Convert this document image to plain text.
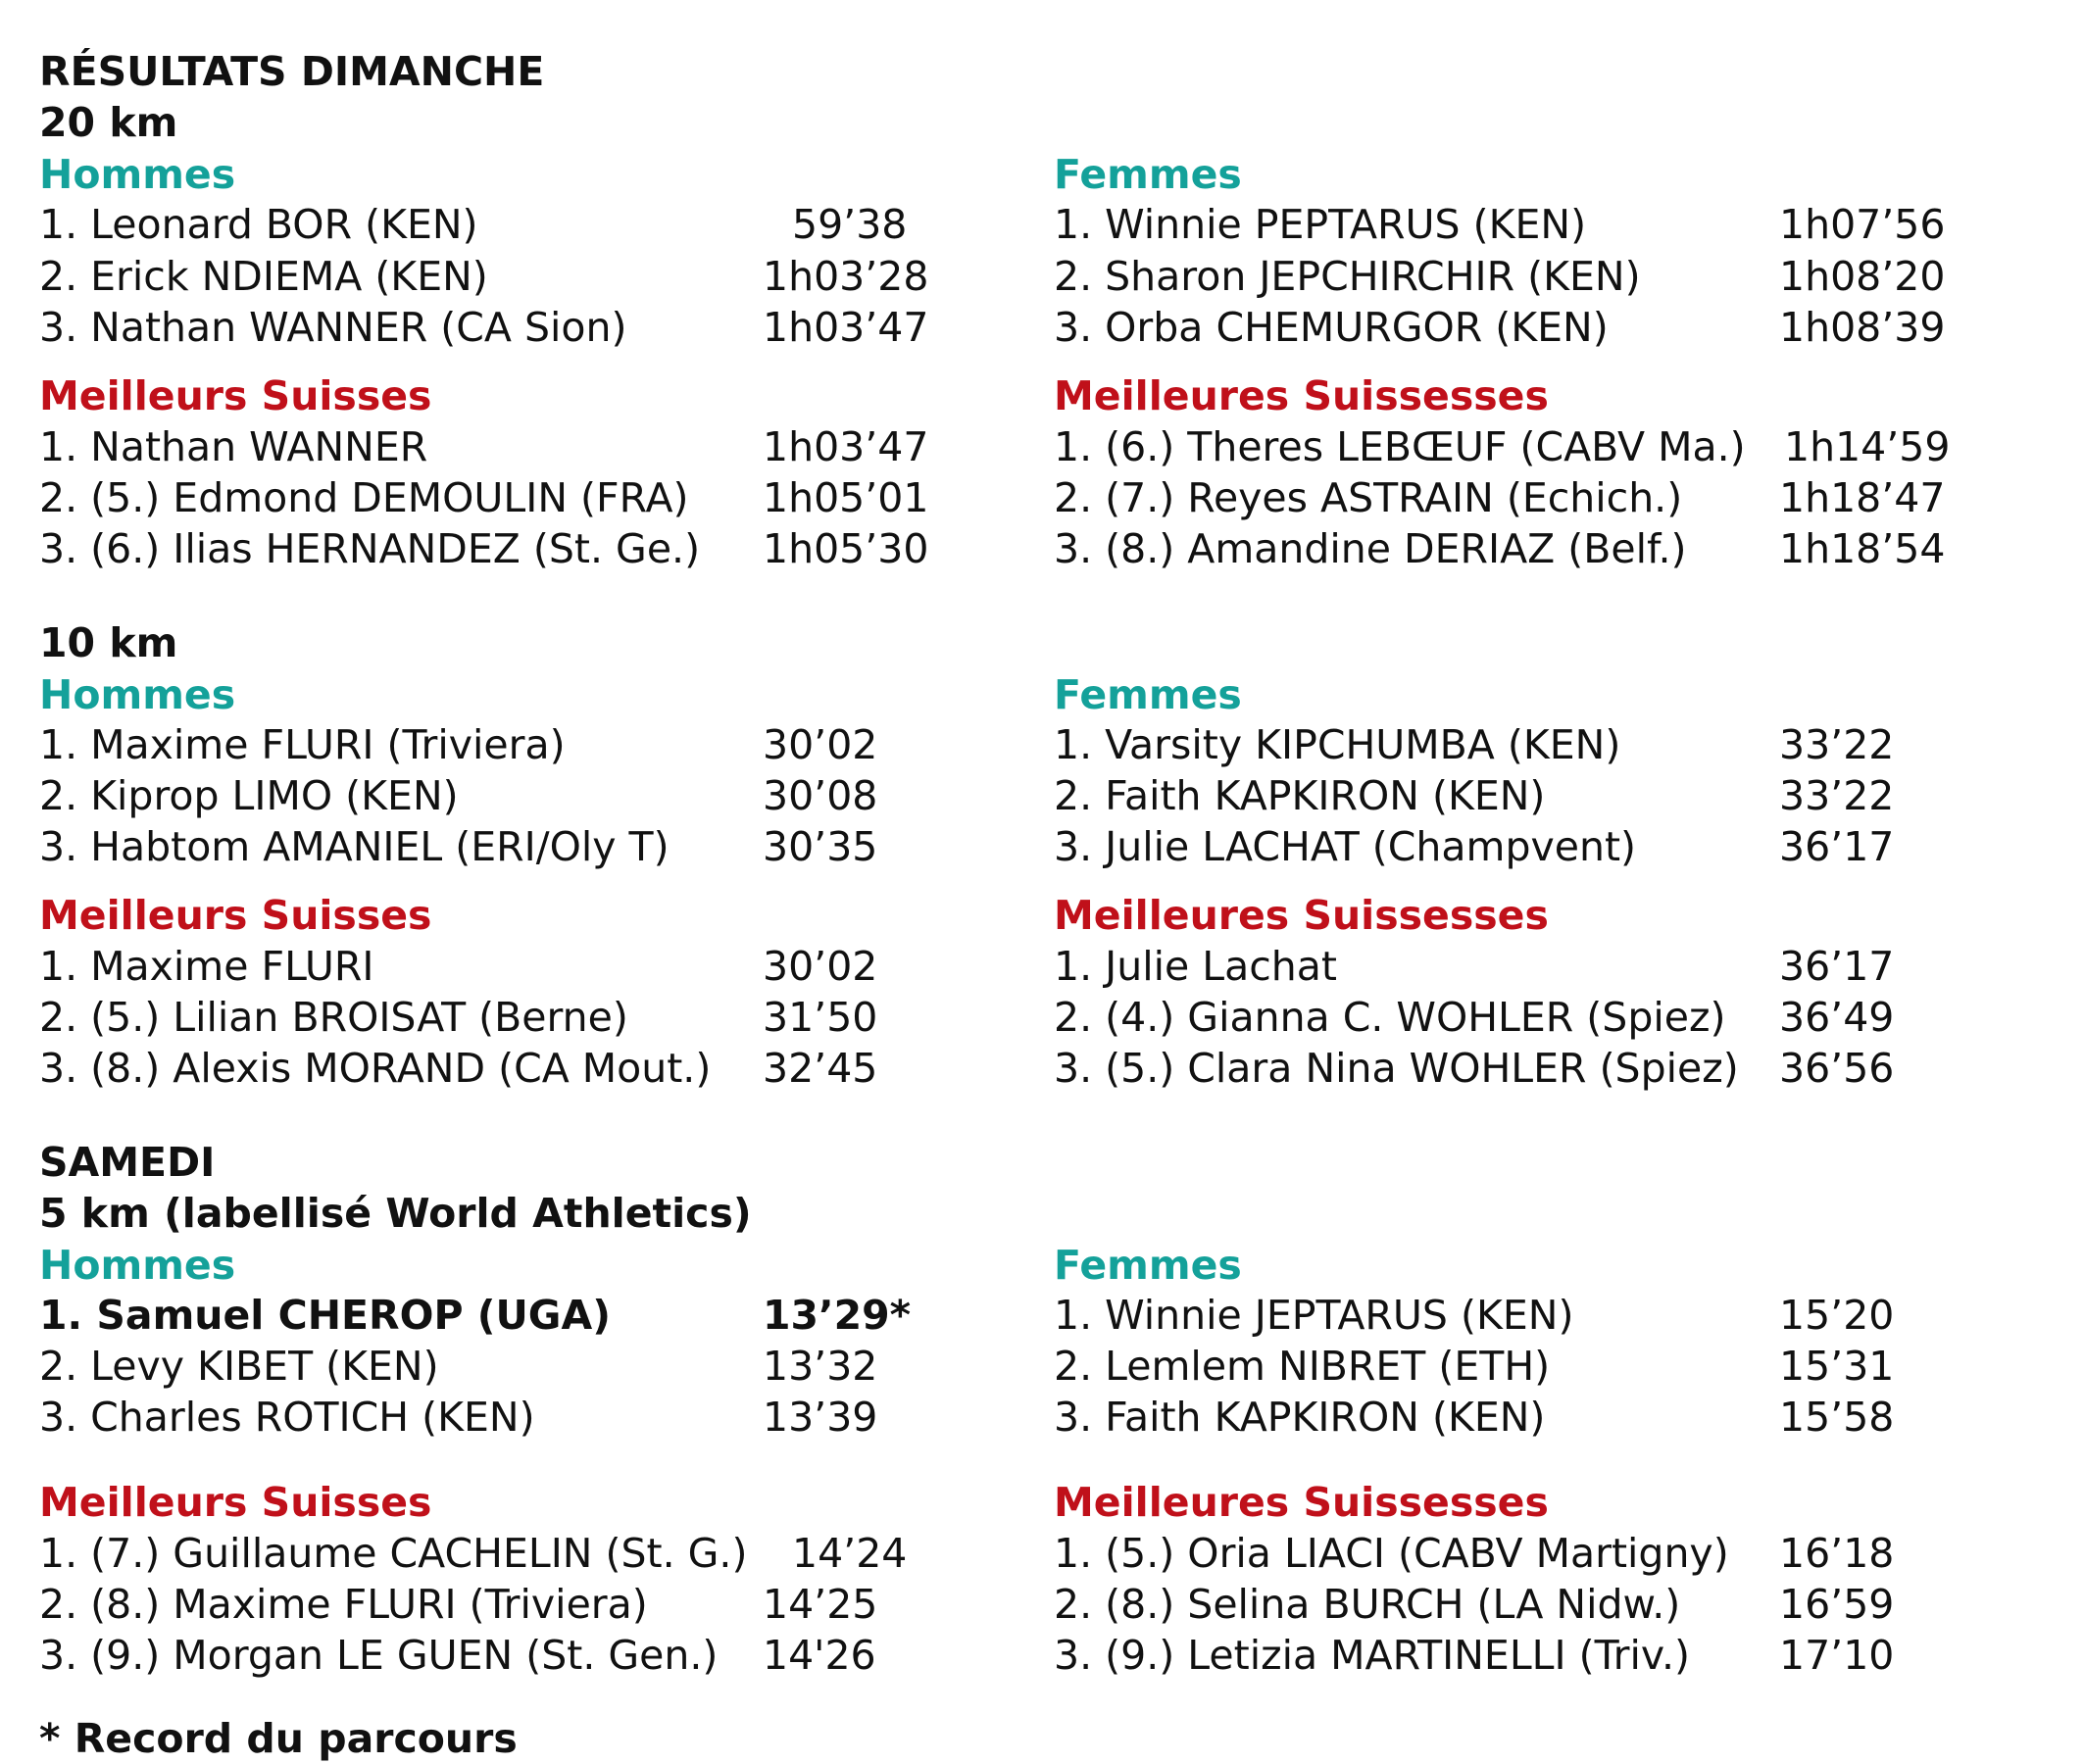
RÉSULTATS DIMANCHE
20 km
Hommes	Femmes
1. Leonard BOR (KEN)	59’38
2. Erick NDIEMA (KEN)	1h03’28
3. Nathan WANNER (CA Sion)	1h03’47
1. Winnie PEPTARUS (KEN)	1h07’56
2. Sharon JEPCHIRCHIR (KEN)	1h08’20
3. Orba CHEMURGOR (KEN)	1h08’39
Meilleurs Suisses	Meilleures Suissesses
1. Nathan WANNER	1h03’47
2. (5.) Edmond DEMOULIN (FRA) 1h05’01
3. (6.) Ilias HERNANDEZ (St. Ge.) 1h05’30
1. (6.) Theres LEBŒUF (CABV Ma.) 1h14’59
2. (7.) Reyes ASTRAIN (Echich.) 1h18’47
3. (8.) Amandine DERIAZ (Belf.) 1h18’54
10 km
Hommes	Femmes
1. Maxime FLURI (Triviera)	30’02
2. Kiprop LIMO (KEN)	30’08
3. Habtom AMANIEL (ERI/Oly T) 30’35
1. Varsity KIPCHUMBA (KEN)	33’22
2. Faith KAPKIRON (KEN)	33’22
3. Julie LACHAT (Champvent)	36’17
Meilleurs Suisses	Meilleures Suissesses
1. Maxime FLURI	30’02
2. (5.) Lilian BROISAT (Berne)	31’50
3. (8.) Alexis MORAND (CA Mout.) 32’45
1. Julie Lachat	36’17
2. (4.) Gianna C. WOHLER (Spiez) 36’49
3. (5.) Clara Nina WOHLER (Spiez) 36’56
SAMEDI
5 km (labellisé World Athletics)
Hommes	Femmes
1. Samuel CHEROP (UGA)	13’29*
2. Levy KIBET (KEN)	13’32
3. Charles ROTICH (KEN)	13’39
1. Winnie JEPTARUS (KEN)	15’20
2. Lemlem NIBRET (ETH)	15’31
3. Faith KAPKIRON (KEN)	15’58
Meilleurs Suisses	Meilleures Suissesses
1. (7.) Guillaume CACHELIN (St. G.) 14’24
2. (8.) Maxime FLURI (Triviera)	14’25
3. (9.) Morgan LE GUEN (St. Gen.) 14'26
1. (5.) Oria LIACI (CABV Martigny) 16’18
2. (8.) Selina BURCH (LA Nidw.) 16’59
3. (9.) Letizia MARTINELLI (Triv.) 17’10
* Record du parcours
